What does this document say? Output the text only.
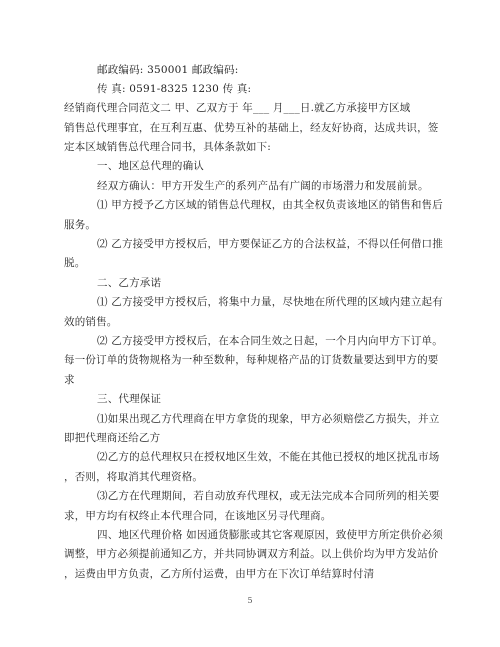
邮政编码: 350001 邮政编码:
传 真: 0591-8325 1230 传 真:
经销商代理合同范文二 甲、乙双方于 年___ 月___日.就乙方承接甲方区域
销售总代理事宜，在互利互惠、优势互补的基础上，经友好协商，达成共识，签
定本区域销售总代理合同书，具体条款如下:
一、地区总代理的确认
经双方确认：甲方开发生产的系列产品有广阔的市场潜力和发展前景。
⑴ 甲方授予乙方区域的销售总代理权，由其全权负责该地区的销售和售后
服务。
⑵ 乙方接受甲方授权后，甲方要保证乙方的合法权益，不得以任何借口推
脱。
二、乙方承诺
⑴ 乙方接受甲方授权后，将集中力量，尽快地在所代理的区域内建立起有
效的销售。
⑵ 乙方接受甲方授权后，在本合同生效之日起，一个月内向甲方下订单。
每一份订单的货物规格为一种至数种，每种规格产品的订货数量要达到甲方的要
求
三、代理保证
⑴如果出现乙方代理商在甲方拿货的现象，甲方必须赔偿乙方损失，并立
即把代理商还给乙方
⑵乙方的总代理权只在授权地区生效，不能在其他已授权的地区扰乱市场
，否则，将取消其代理资格。
⑶乙方在代理期间，若自动放弃代理权，或无法完成本合同所列的相关要
求，甲方均有权终止本代理合同，在该地区另寻代理商。
四、地区代理价格 如因通货膨胀或其它客观原因，致使甲方所定供价必须
调整，甲方必须提前通知乙方，并共同协调双方利益。以上供价均为甲方发站价
，运费由甲方负责，乙方所付运费，由甲方在下次订单结算时付清
5
